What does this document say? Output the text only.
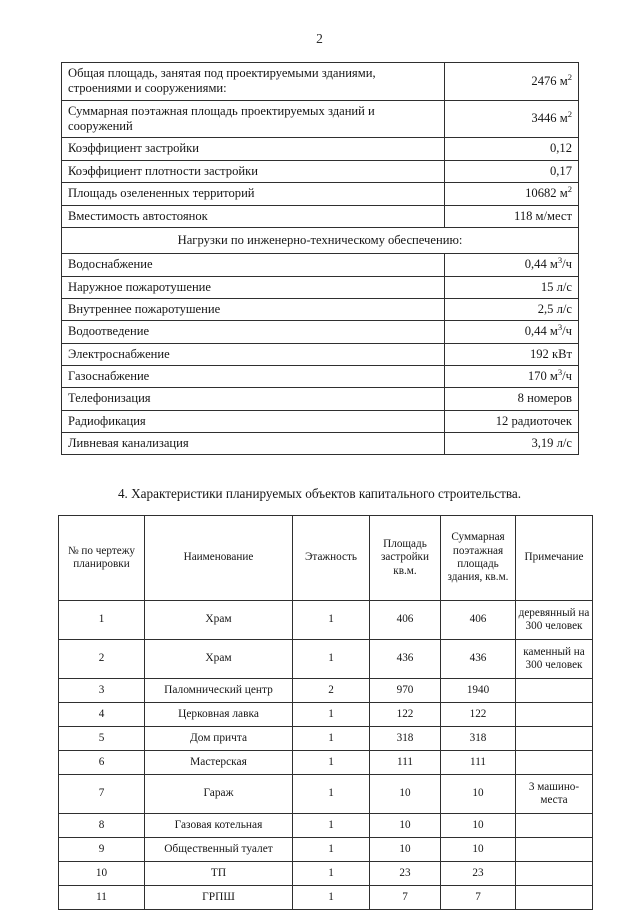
2
Общая площадь, занятая под проектируемыми зданиями, строениями и сооружениями:	2476 $м^2$
Суммарная поэтажная площадь проектируемых зданий и сооружений	3446 $м^2$
Коэффициент застройки	0,12
Коэффициент плотности застройки	0,17
Площадь озелененных территорий	10682 $м^2$
Вместимость автостоянок	118 м/мест
Нагрузки по инженерно-техническому обеспечению:	
Водоснабжение	0,44 $м^3/ч$
Наружное пожаротушение	15 л/с
Внутреннее пожаротушение	2,5 л/с
Водоотведение	0,44 $м^3/ч$
Электроснабжение	192 кВт
Газоснабжение	170 $м^3/ч$
Телефонизация	8 номеров
Радиофикация	12 радиоточек
Ливневая канализация	3,19 л/с
4. Характеристики планируемых объектов капитального строительства.
№ по чертежу планировки	Наименование	Этажность	Площадь застройки кв.м.	Суммарная поэтажная площадь здания, кв.м.	Примечание
1	Храм	1	406	406	деревянный на 300 человек
2	Храм	1	436	436	каменный на 300 человек
3	Паломнический центр	2	970	1940	
4	Церковная лавка	1	122	122	
5	Дом причта	1	318	318	
6	Мастерская	1	111	111	
7	Гараж	1	10	10	3 машино-места
8	Газовая котельная	1	10	10	
9	Общественный туалет	1	10	10	
10	ТП	1	23	23	
11	ГРПШ	1	7	7	
